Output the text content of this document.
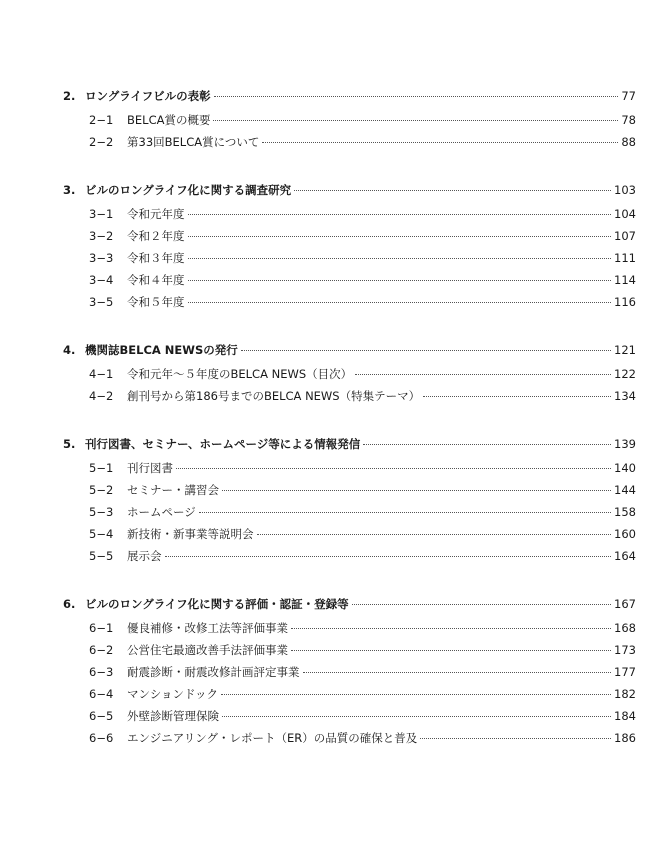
2. ロングライフビルの表彰	77
2−1	BELCA賞の概要	78
2−2	第33回BELCA賞について	88
3. ビルのロングライフ化に関する調査研究	103
3−1	令和元年度	104
3−2	令和２年度	107
3−3	令和３年度	111
3−4	令和４年度	114
3−5	令和５年度	116
4. 機関誌BELCA NEWSの発行	121
4−1	令和元年～５年度のBELCA NEWS（目次）	122
4−2	創刊号から第186号までのBELCA NEWS（特集テーマ）	134
5. 刊行図書、セミナー、ホームページ等による情報発信	139
5−1	刊行図書	140
5−2	セミナー・講習会	144
5−3	ホームページ	158
5−4	新技術・新事業等説明会	160
5−5	展示会	164
6. ビルのロングライフ化に関する評価・認証・登録等	167
6−1	優良補修・改修工法等評価事業	168
6−2	公営住宅最適改善手法評価事業	173
6−3	耐震診断・耐震改修計画評定事業	177
6−4	マンションドック	182
6−5	外壁診断管理保険	184
6−6	エンジニアリング・レポート（ER）の品質の確保と普及	186
